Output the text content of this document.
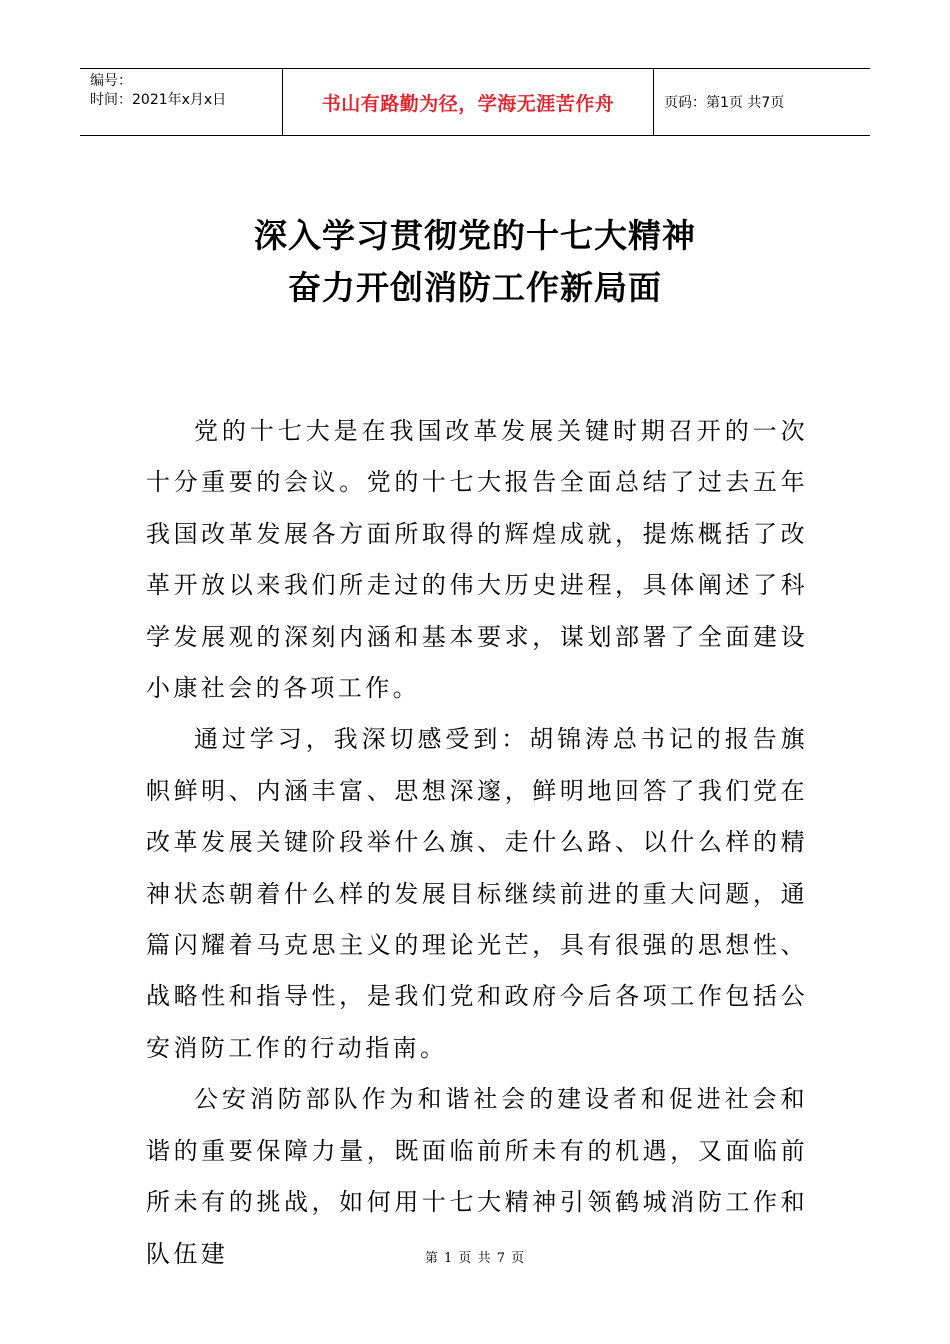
编号：
时间：2021年x月x日	书山有路勤为径，学海无涯苦作舟	页码：第1页 共7页
深入学习贯彻党的十七大精神
奋力开创消防工作新局面

党的十七大是在我国改革发展关键时期召开的一次十分重要的会议。党的十七大报告全面总结了过去五年我国改革发展各方面所取得的辉煌成就，提炼概括了改革开放以来我们所走过的伟大历史进程，具体阐述了科学发展观的深刻内涵和基本要求，谋划部署了全面建设小康社会的各项工作。

通过学习，我深切感受到：胡锦涛总书记的报告旗帜鲜明、内涵丰富、思想深邃，鲜明地回答了我们党在改革发展关键阶段举什么旗、走什么路、以什么样的精神状态朝着什么样的发展目标继续前进的重大问题，通篇闪耀着马克思主义的理论光芒，具有很强的思想性、战略性和指导性，是我们党和政府今后各项工作包括公安消防工作的行动指南。

公安消防部队作为和谐社会的建设者和促进社会和谐的重要保障力量，既面临前所未有的机遇，又面临前所未有的挑战，如何用十七大精神引领鹤城消防工作和队伍建	第 1 页 共 7 页
